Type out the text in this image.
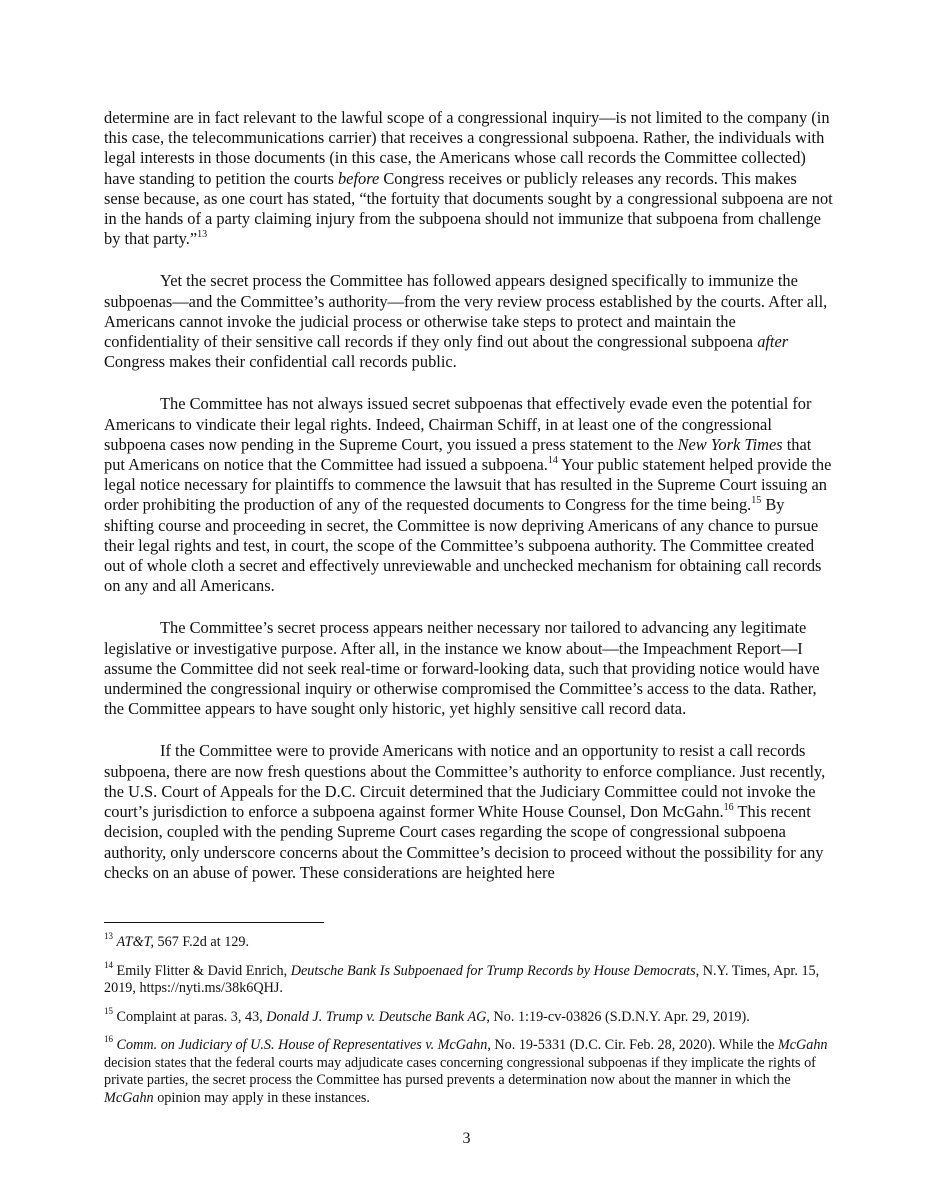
determine are in fact relevant to the lawful scope of a congressional inquiry—is not limited to the company (in this case, the telecommunications carrier) that receives a congressional subpoena. Rather, the individuals with legal interests in those documents (in this case, the Americans whose call records the Committee collected) have standing to petition the courts before Congress receives or publicly releases any records. This makes sense because, as one court has stated, “the fortuity that documents sought by a congressional subpoena are not in the hands of a party claiming injury from the subpoena should not immunize that subpoena from challenge by that party.”$^{13}$

Yet the secret process the Committee has followed appears designed specifically to immunize the subpoenas—and the Committee’s authority—from the very review process established by the courts. After all, Americans cannot invoke the judicial process or otherwise take steps to protect and maintain the confidentiality of their sensitive call records if they only find out about the congressional subpoena after Congress makes their confidential call records public.

The Committee has not always issued secret subpoenas that effectively evade even the potential for Americans to vindicate their legal rights. Indeed, Chairman Schiff, in at least one of the congressional subpoena cases now pending in the Supreme Court, you issued a press statement to the New York Times that put Americans on notice that the Committee had issued a subpoena.$^{14}$ Your public statement helped provide the legal notice necessary for plaintiffs to commence the lawsuit that has resulted in the Supreme Court issuing an order prohibiting the production of any of the requested documents to Congress for the time being.$^{15}$ By shifting course and proceeding in secret, the Committee is now depriving Americans of any chance to pursue their legal rights and test, in court, the scope of the Committee’s subpoena authority. The Committee created out of whole cloth a secret and effectively unreviewable and unchecked mechanism for obtaining call records on any and all Americans.

The Committee’s secret process appears neither necessary nor tailored to advancing any legitimate legislative or investigative purpose. After all, in the instance we know about—the Impeachment Report—I assume the Committee did not seek real-time or forward-looking data, such that providing notice would have undermined the congressional inquiry or otherwise compromised the Committee’s access to the data. Rather, the Committee appears to have sought only historic, yet highly sensitive call record data.

If the Committee were to provide Americans with notice and an opportunity to resist a call records subpoena, there are now fresh questions about the Committee’s authority to enforce compliance. Just recently, the U.S. Court of Appeals for the D.C. Circuit determined that the Judiciary Committee could not invoke the court’s jurisdiction to enforce a subpoena against former White House Counsel, Don McGahn.$^{16}$ This recent decision, coupled with the pending Supreme Court cases regarding the scope of congressional subpoena authority, only underscore concerns about the Committee’s decision to proceed without the possibility for any checks on an abuse of power. These considerations are heighted here

$^{13}$ AT&T, 567 F.2d at 129.

$^{14}$ Emily Flitter & David Enrich, Deutsche Bank Is Subpoenaed for Trump Records by House Democrats, N.Y. Times, Apr. 15, 2019, https://nyti.ms/38k6QHJ.

$^{15}$ Complaint at paras. 3, 43, Donald J. Trump v. Deutsche Bank AG, No. 1:19-cv-03826 (S.D.N.Y. Apr. 29, 2019).

$^{16}$ Comm. on Judiciary of U.S. House of Representatives v. McGahn, No. 19-5331 (D.C. Cir. Feb. 28, 2020). While the McGahn decision states that the federal courts may adjudicate cases concerning congressional subpoenas if they implicate the rights of private parties, the secret process the Committee has pursed prevents a determination now about the manner in which the McGahn opinion may apply in these instances.

3
